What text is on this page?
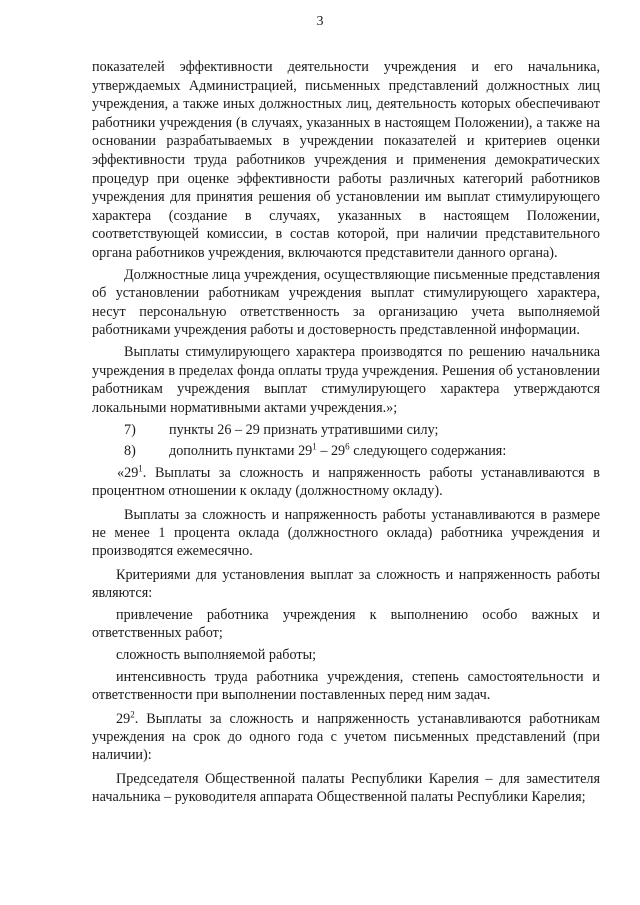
3

показателей эффективности деятельности учреждения и его начальника, утверждаемых Администрацией, письменных представлений должностных лиц учреждения, а также иных должностных лиц, деятельность которых обеспечивают работники учреждения (в случаях, указанных в настоящем Положении), а также на основании разрабатываемых в учреждении показателей и критериев оценки эффективности труда работников учреждения и применения демократических процедур при оценке эффективности работы различных категорий работников учреждения для принятия решения об установлении им выплат стимулирующего характера (создание в случаях, указанных в настоящем Положении, соответствующей комиссии, в состав которой, при наличии представительного органа работников учреждения, включаются представители данного органа).

Должностные лица учреждения, осуществляющие письменные представления об установлении работникам учреждения выплат стимулирующего характера, несут персональную ответственность за организацию учета выполняемой работниками учреждения работы и достоверность представленной информации.

Выплаты стимулирующего характера производятся по решению начальника учреждения в пределах фонда оплаты труда учреждения. Решения об установлении работникам учреждения выплат стимулирующего характера утверждаются локальными нормативными актами учреждения.»;

7) пункты 26 – 29 признать утратившими силу;
8) дополнить пунктами $29^1 - 29^6$ следующего содержания:

«$29^1$. Выплаты за сложность и напряженность работы устанавливаются в процентном отношении к окладу (должностному окладу).

Выплаты за сложность и напряженность работы устанавливаются в размере не менее 1 процента оклада (должностного оклада) работника учреждения и производятся ежемесячно.

Критериями для установления выплат за сложность и напряженность работы являются:

привлечение работника учреждения к выполнению особо важных и ответственных работ;

сложность выполняемой работы;

интенсивность труда работника учреждения, степень самостоятельности и ответственности при выполнении поставленных перед ним задач.

$29^2$. Выплаты за сложность и напряженность устанавливаются работникам учреждения на срок до одного года с учетом письменных представлений (при наличии):

Председателя Общественной палаты Республики Карелия – для заместителя начальника – руководителя аппарата Общественной палаты Республики Карелия;
